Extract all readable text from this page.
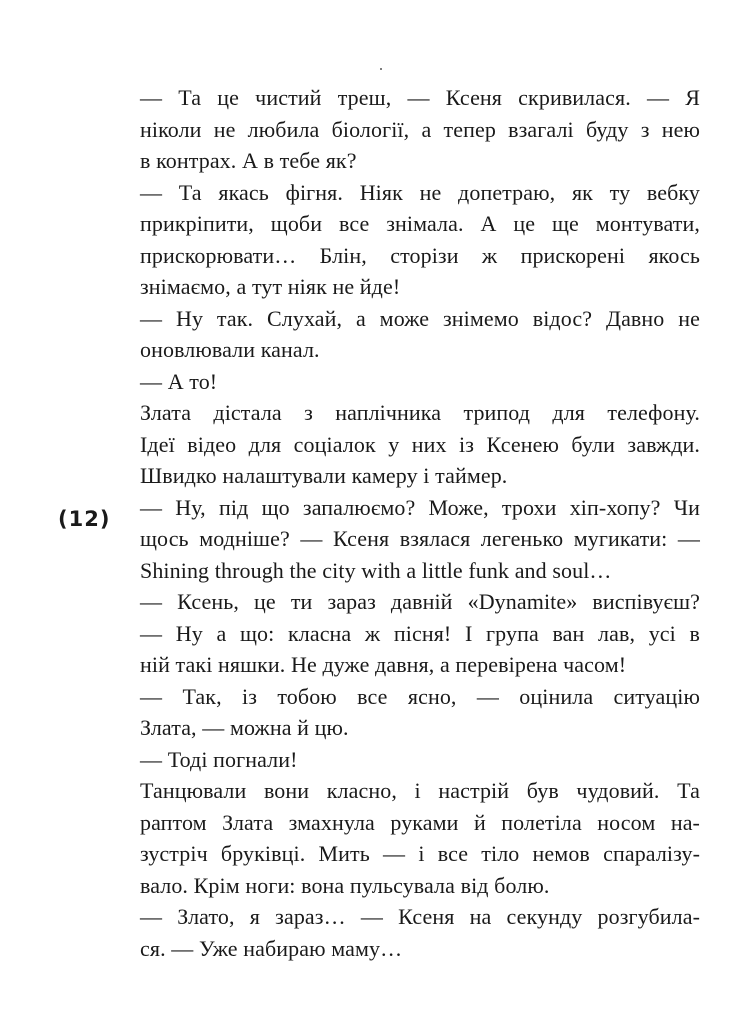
(12)
— Та це чистий треш, — Ксеня скривилася. — Я
ніколи не любила біології, а тепер взагалі буду з нею
в контрах. А в тебе як?
— Та якась фігня. Ніяк не допетраю, як ту вебку
прикріпити, щоби все знімала. А це ще монтувати,
прискорювати… Блін, сторізи ж прискорені якось
знімаємо, а тут ніяк не йде!
— Ну так. Слухай, а може знімемо відос? Давно не
оновлювали канал.
— А то!
Злата дістала з наплічника трипод для телефону.
Ідеї відео для соціалок у них із Ксенею були завжди.
Швидко налаштували камеру і таймер.
— Ну, під що запалюємо? Може, трохи хіп-хопу? Чи
щось модніше? — Ксеня взялася легенько мугикати: —
Shining through the city with a little funk and soul…
— Ксень, це ти зараз давній «Dynamite» виспівуєш?
— Ну а що: класна ж пісня! І група ван лав, усі в
ній такі няшки. Не дуже давня, а перевірена часом!
— Так, із тобою все ясно, — оцінила ситуацію
Злата, — можна й цю.
— Тоді погнали!
Танцювали вони класно, і настрій був чудовий. Та
раптом Злата змахнула руками й полетіла носом на-
зустріч бруківці. Мить — і все тіло немов спаралізу-
вало. Крім ноги: вона пульсувала від болю.
— Злато, я зараз… — Ксеня на секунду розгубила-
ся. — Уже набираю маму…
